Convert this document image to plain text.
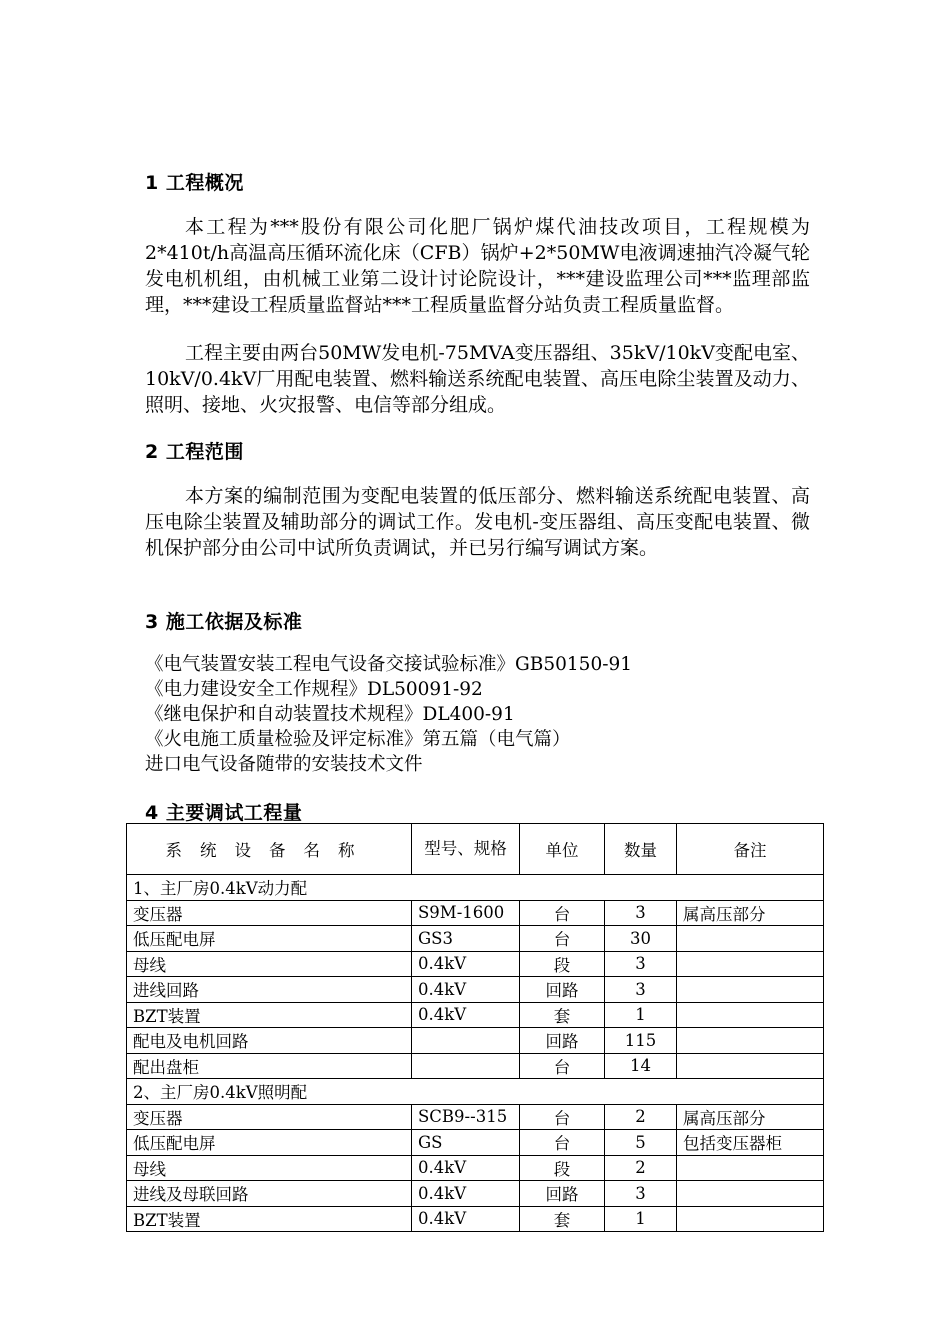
1 工程概况

本工程为***股份有限公司化肥厂锅炉煤代油技改项目，工程规模为2*410t/h高温高压循环流化床（CFB）锅炉+2*50MW电液调速抽汽冷凝气轮发电机机组，由机械工业第二设计讨论院设计，***建设监理公司***监理部监理，***建设工程质量监督站***工程质量监督分站负责工程质量监督。

工程主要由两台50MW发电机-75MVA变压器组、35kV/10kV变配电室、10kV/0.4kV厂用配电装置、燃料输送系统配电装置、高压电除尘装置及动力、照明、接地、火灾报警、电信等部分组成。

2 工程范围

本方案的编制范围为变配电装置的低压部分、燃料输送系统配电装置、高压电除尘装置及辅助部分的调试工作。发电机-变压器组、高压变配电装置、微机保护部分由公司中试所负责调试，并已另行编写调试方案。

3 施工依据及标准
《电气装置安装工程电气设备交接试验标准》GB50150-91
《电力建设安全工作规程》DL50091-92
《继电保护和自动装置技术规程》DL400-91
《火电施工质量检验及评定标准》第五篇（电气篇）
进口电气设备随带的安装技术文件
4 主要调试工程量
系统设备名称	型号、规格	单位	数量	备注
1、主厂房0.4kV动力配				
变压器	S9M-1600	台	3	属高压部分
低压配电屏	GS3	台	30	
母线	0.4kV	段	3	
进线回路	0.4kV	回路	3	
BZT装置	0.4kV	套	1	
配电及电机回路		回路	115	
配出盘柜		台	14	
2、主厂房0.4kV照明配				
变压器	SCB9--315	台	2	属高压部分
低压配电屏	GS	台	5	包括变压器柜
母线	0.4kV	段	2	
进线及母联回路	0.4kV	回路	3	
BZT装置	0.4kV	套	1	
